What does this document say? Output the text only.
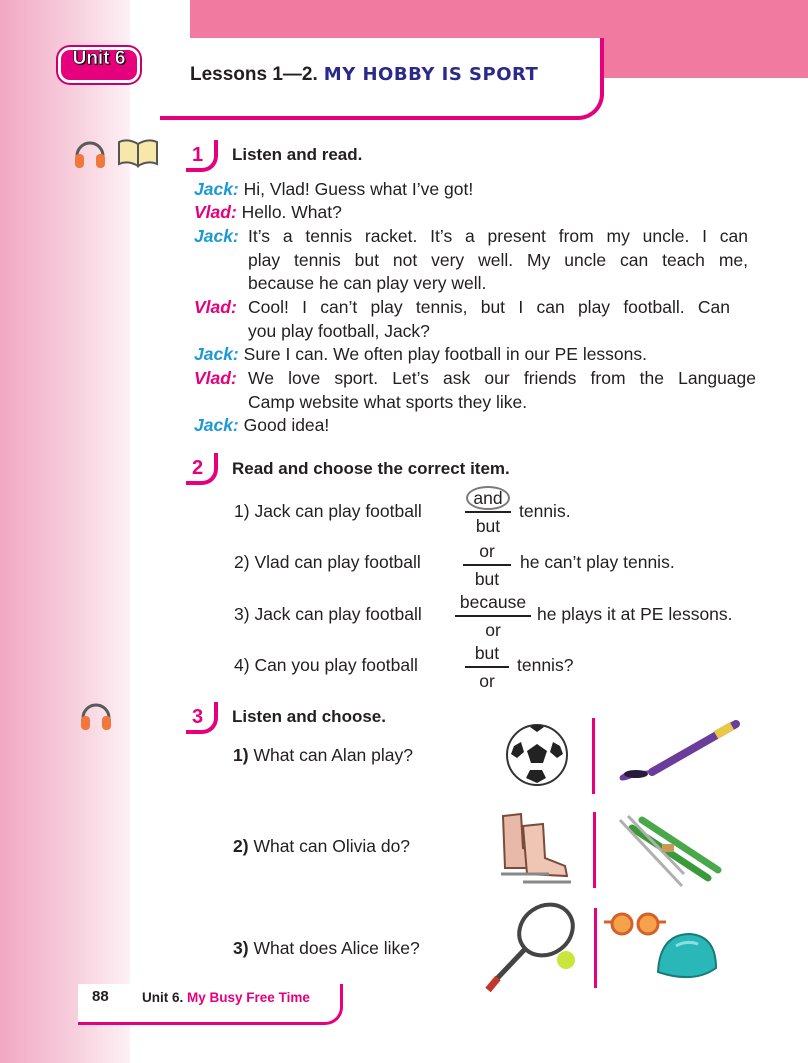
Unit 6
Lessons 1—2. MY HOBBY IS SPORT
1 Listen and read.
Jack: Hi, Vlad! Guess what I’ve got!
Vlad: Hello. What?
Jack: It’s a tennis racket. It’s a present from my uncle. I can
play tennis but not very well. My uncle can teach me,
because he can play very well.
Vlad: Cool! I can’t play tennis, but I can play football. Can
you play football, Jack?
Jack: Sure I can. We often play football in our PE lessons.
Vlad: We love sport. Let’s ask our friends from the Language
Camp website what sports they like.
Jack: Good idea!
2 Read and choose the correct item.
1) Jack can play football
and
but
tennis.
2) Vlad can play football
or
but
he can’t play tennis.
3) Jack can play football
because
or
he plays it at PE lessons.
4) Can you play football
but
or
tennis?
3 Listen and choose.
1) What can Alan play?
2) What can Olivia do?
3) What does Alice like?
88 Unit 6. My Busy Free Time
